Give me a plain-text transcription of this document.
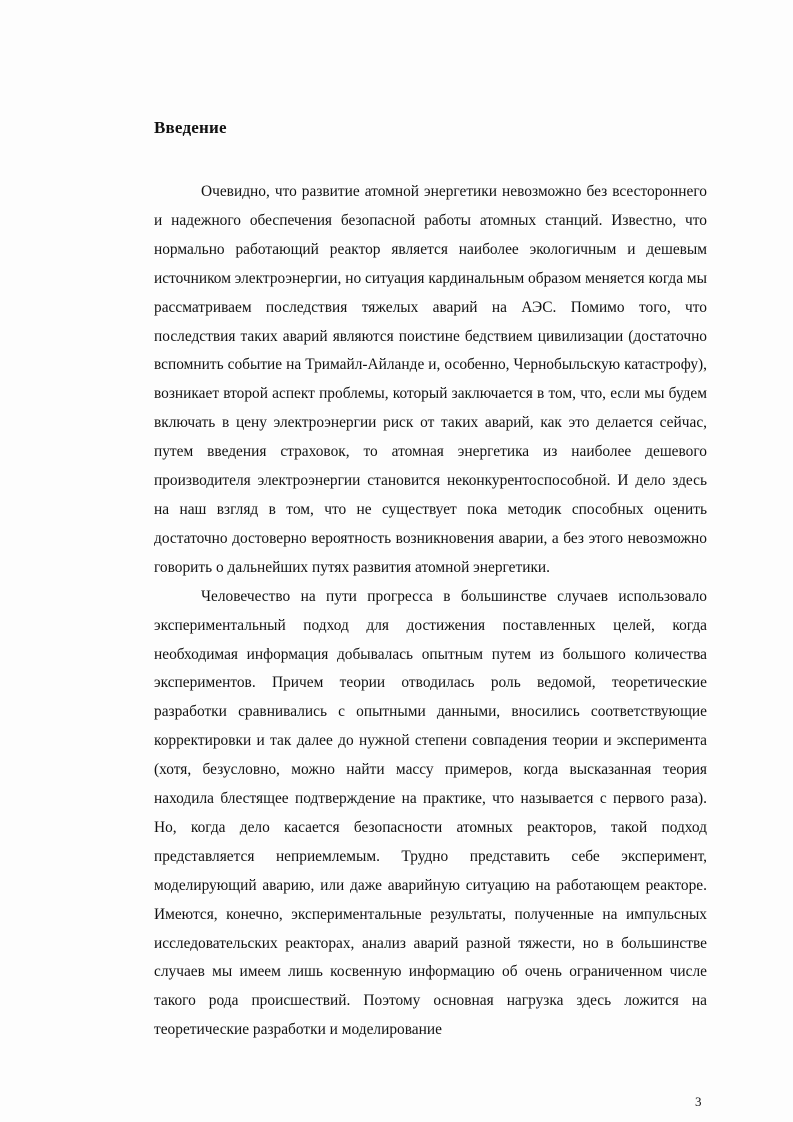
Введение

Очевидно, что развитие атомной энергетики невозможно без всестороннего и надежного обеспечения безопасной работы атомных станций. Известно, что нормально работающий реактор является наиболее экологичным и дешевым источником электроэнергии, но ситуация кардинальным образом меняется когда мы рассматриваем последствия тяжелых аварий на АЭС. Помимо того, что последствия таких аварий являются поистине бедствием цивилизации (достаточно вспомнить событие на Тримайл-Айланде и, особенно, Чернобыльскую катастрофу), возникает второй аспект проблемы, который заключается в том, что, если мы будем включать в цену электроэнергии риск от таких аварий, как это делается сейчас, путем введения страховок, то атомная энергетика из наиболее дешевого производителя электроэнергии становится неконкурентоспособной. И дело здесь на наш взгляд в том, что не существует пока методик способных оценить достаточно достоверно вероятность возникновения аварии, а без этого невозможно говорить о дальнейших путях развития атомной энергетики.

Человечество на пути прогресса в большинстве случаев использовало экспериментальный подход для достижения поставленных целей, когда необходимая информация добывалась опытным путем из большого количества экспериментов. Причем теории отводилась роль ведомой, теоретические разработки сравнивались с опытными данными, вносились соответствующие корректировки и так далее до нужной степени совпадения теории и эксперимента (хотя, безусловно, можно найти массу примеров, когда высказанная теория находила блестящее подтверждение на практике, что называется с первого раза). Но, когда дело касается безопасности атомных реакторов, такой подход представляется неприемлемым. Трудно представить себе эксперимент, моделирующий аварию, или даже аварийную ситуацию на работающем реакторе. Имеются, конечно, экспериментальные результаты, полученные на импульсных исследовательских реакторах, анализ аварий разной тяжести, но в большинстве случаев мы имеем лишь косвенную информацию об очень ограниченном числе такого рода происшествий. Поэтому основная нагрузка здесь ложится на теоретические разработки и моделирование

3
